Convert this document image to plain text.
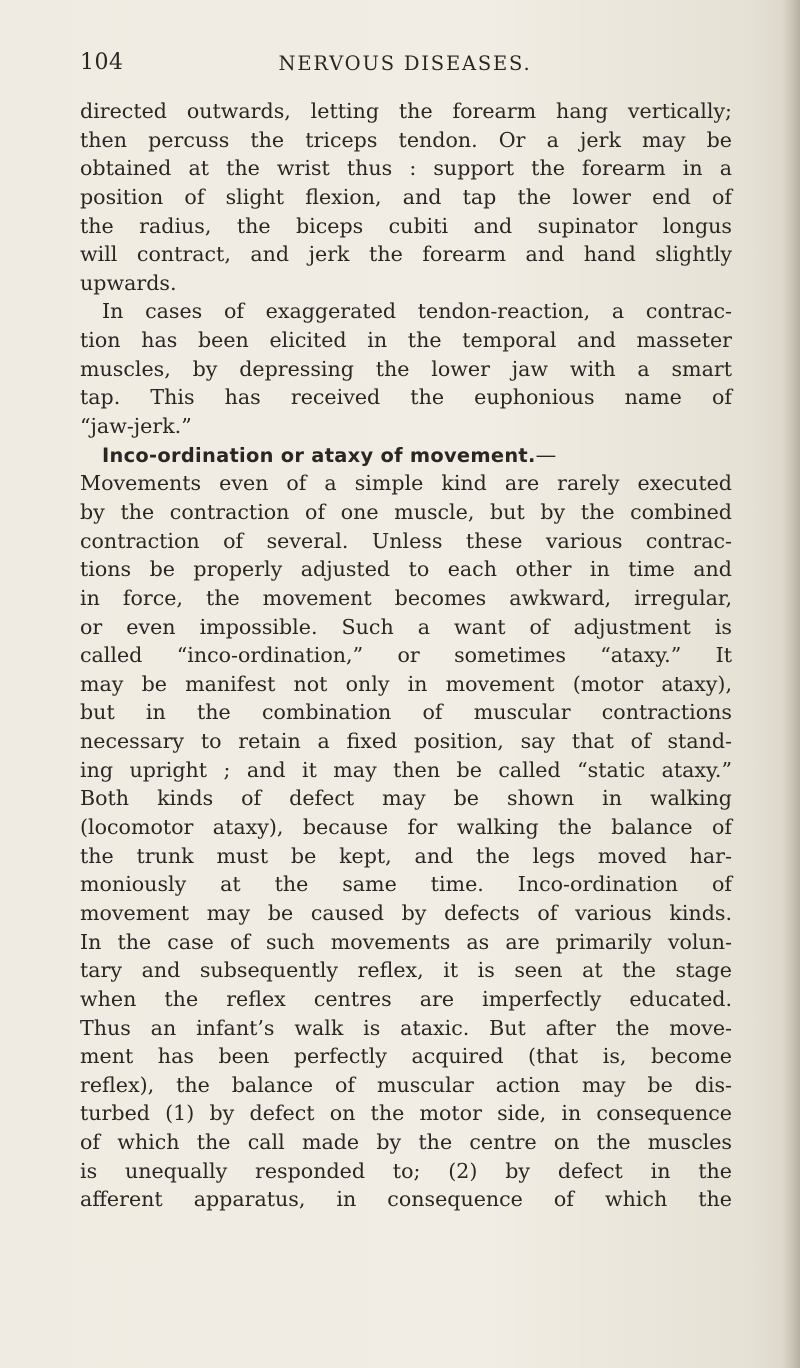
104	NERVOUS DISEASES.
directed outwards, letting the forearm hang vertically;
then percuss the triceps tendon. Or a jerk may be
obtained at the wrist thus : support the forearm in a
position of slight flexion, and tap the lower end of
the radius, the biceps cubiti and supinator longus
will contract, and jerk the forearm and hand slightly
upwards.
In cases of exaggerated tendon-reaction, a contrac-
tion has been elicited in the temporal and masseter
muscles, by depressing the lower jaw with a smart
tap. This has received the euphonious name of
“jaw-jerk.”
Inco-ordination or ataxy of movement.—
Movements even of a simple kind are rarely executed
by the contraction of one muscle, but by the combined
contraction of several. Unless these various contrac-
tions be properly adjusted to each other in time and
in force, the movement becomes awkward, irregular,
or even impossible. Such a want of adjustment is
called “inco-ordination,” or sometimes “ataxy.” It
may be manifest not only in movement (motor ataxy),
but in the combination of muscular contractions
necessary to retain a fixed position, say that of stand-
ing upright ; and it may then be called “static ataxy.”
Both kinds of defect may be shown in walking
(locomotor ataxy), because for walking the balance of
the trunk must be kept, and the legs moved har-
moniously at the same time. Inco-ordination of
movement may be caused by defects of various kinds.
In the case of such movements as are primarily volun-
tary and subsequently reflex, it is seen at the stage
when the reflex centres are imperfectly educated.
Thus an infant’s walk is ataxic. But after the move-
ment has been perfectly acquired (that is, become
reflex), the balance of muscular action may be dis-
turbed (1) by defect on the motor side, in consequence
of which the call made by the centre on the muscles
is unequally responded to; (2) by defect in the
afferent apparatus, in consequence of which the
